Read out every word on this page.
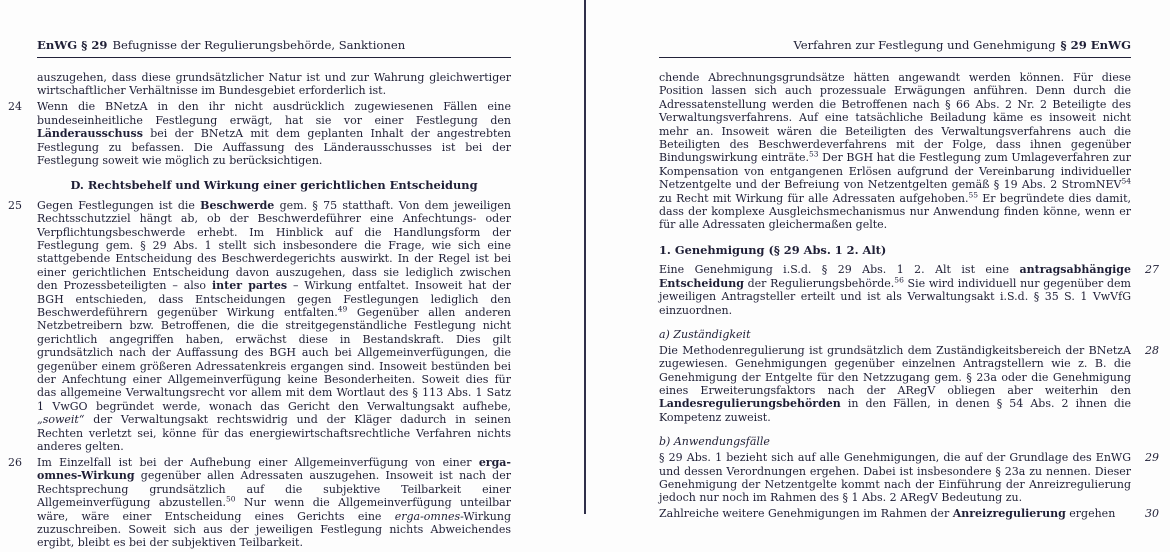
EnWG § 29 Befugnisse der Regulierungsbehörde, Sanktionen

auszugehen, dass diese grundsätzlicher Natur ist und zur Wahrung gleichwertiger wirtschaftlicher Verhältnisse im Bundesgebiet erforderlich ist.

24 Wenn die BNetzA in den ihr nicht ausdrücklich zugewiesenen Fällen eine bundeseinheitliche Festlegung erwägt, hat sie vor einer Festlegung den Länderausschuss bei der BNetzA mit dem geplanten Inhalt der angestrebten Festlegung zu befassen. Die Auffassung des Länderausschusses ist bei der Festlegung soweit wie möglich zu berücksichtigen.

D. Rechtsbehelf und Wirkung einer gerichtlichen Entscheidung

25 Gegen Festlegungen ist die Beschwerde gem. § 75 statthaft. Von dem jeweiligen Rechtsschutzziel hängt ab, ob der Beschwerdeführer eine Anfechtungs- oder Verpflichtungsbeschwerde erhebt. Im Hinblick auf die Handlungsform der Festlegung gem. § 29 Abs. 1 stellt sich insbesondere die Frage, wie sich eine stattgebende Entscheidung des Beschwerdegerichts auswirkt. In der Regel ist bei einer gerichtlichen Entscheidung davon auszugehen, dass sie lediglich zwischen den Prozessbeteiligten – also inter partes – Wirkung entfaltet. Insoweit hat der BGH entschieden, dass Entscheidungen gegen Festlegungen lediglich den Beschwerdeführern gegenüber Wirkung entfalten.$^{49}$ Gegenüber allen anderen Netzbetreibern bzw. Betroffenen, die die streitgegenständliche Festlegung nicht gerichtlich angegriffen haben, erwächst diese in Bestandskraft. Dies gilt grundsätzlich nach der Auffassung des BGH auch bei Allgemeinverfügungen, die gegenüber einem größeren Adressatenkreis ergangen sind. Insoweit bestünden bei der Anfechtung einer Allgemeinverfügung keine Besonderheiten. Soweit dies für das allgemeine Verwaltungsrecht vor allem mit dem Wortlaut des § 113 Abs. 1 Satz 1 VwGO begründet werde, wonach das Gericht den Verwaltungsakt aufhebe, „soweit“ der Verwaltungsakt rechtswidrig und der Kläger dadurch in seinen Rechten verletzt sei, könne für das energiewirtschaftsrechtliche Verfahren nichts anderes gelten.

26 Im Einzelfall ist bei der Aufhebung einer Allgemeinverfügung von einer erga-omnes-Wirkung gegenüber allen Adressaten auszugehen. Insoweit ist nach der Rechtsprechung grundsätzlich auf die subjektive Teilbarkeit einer Allgemeinverfügung abzustellen.$^{50}$ Nur wenn die Allgemeinverfügung unteilbar wäre, wäre einer Entscheidung eines Gerichts eine erga-omnes-Wirkung zuzuschreiben. Soweit sich aus der jeweiligen Festlegung nichts Abweichendes ergibt, bleibt es bei der subjektiven Teilbarkeit.

Verfahren zur Festlegung und Genehmigung § 29 EnWG

chende Abrechnungsgrundsätze hätten angewandt werden können. Für diese Position lassen sich auch prozessuale Erwägungen anführen. Denn durch die Adressatenstellung werden die Betroffenen nach § 66 Abs. 2 Nr. 2 Beteiligte des Verwaltungsverfahrens. Auf eine tatsächliche Beiladung käme es insoweit nicht mehr an. Insoweit wären die Beteiligten des Verwaltungsverfahrens auch die Beteiligten des Beschwerdeverfahrens mit der Folge, dass ihnen gegenüber Bindungswirkung einträte.$^{53}$ Der BGH hat die Festlegung zum Umlageverfahren zur Kompensation von entgangenen Erlösen aufgrund der Vereinbarung individueller Netzentgelte und der Befreiung von Netzentgelten gemäß § 19 Abs. 2 StromNEV$^{54}$ zu Recht mit Wirkung für alle Adressaten aufgehoben.$^{55}$ Er begründete dies damit, dass der komplexe Ausgleichsmechanismus nur Anwendung finden könne, wenn er für alle Adressaten gleichermaßen gelte.

1. Genehmigung (§ 29 Abs. 1 2. Alt)

27
Eine Genehmigung i.S.d. § 29 Abs. 1 2. Alt ist eine antragsabhängige Entscheidung der Regulierungsbehörde.$^{56}$ Sie wird individuell nur gegenüber dem jeweiligen Antragsteller erteilt und ist als Verwaltungsakt i.S.d. § 35 S. 1 VwVfG einzuordnen.

a) Zuständigkeit

28
Die Methodenregulierung ist grundsätzlich dem Zuständigkeitsbereich der BNetzA zugewiesen. Genehmigungen gegenüber einzelnen Antragstellern wie z. B. die Genehmigung der Entgelte für den Netzzugang gem. § 23a oder die Genehmigung eines Erweiterungsfaktors nach der ARegV obliegen aber weiterhin den Landesregulierungsbehörden in den Fällen, in denen § 54 Abs. 2 ihnen die Kompetenz zuweist.

b) Anwendungsfälle

29
§ 29 Abs. 1 bezieht sich auf alle Genehmigungen, die auf der Grundlage des EnWG und dessen Verordnungen ergehen. Dabei ist insbesondere § 23a zu nennen. Dieser Genehmigung der Netzentgelte kommt nach der Einführung der Anreizregulierung jedoch nur noch im Rahmen des § 1 Abs. 2 ARegV Bedeutung zu.

30
Zahlreiche weitere Genehmigungen im Rahmen der Anreizregulierung ergehen
